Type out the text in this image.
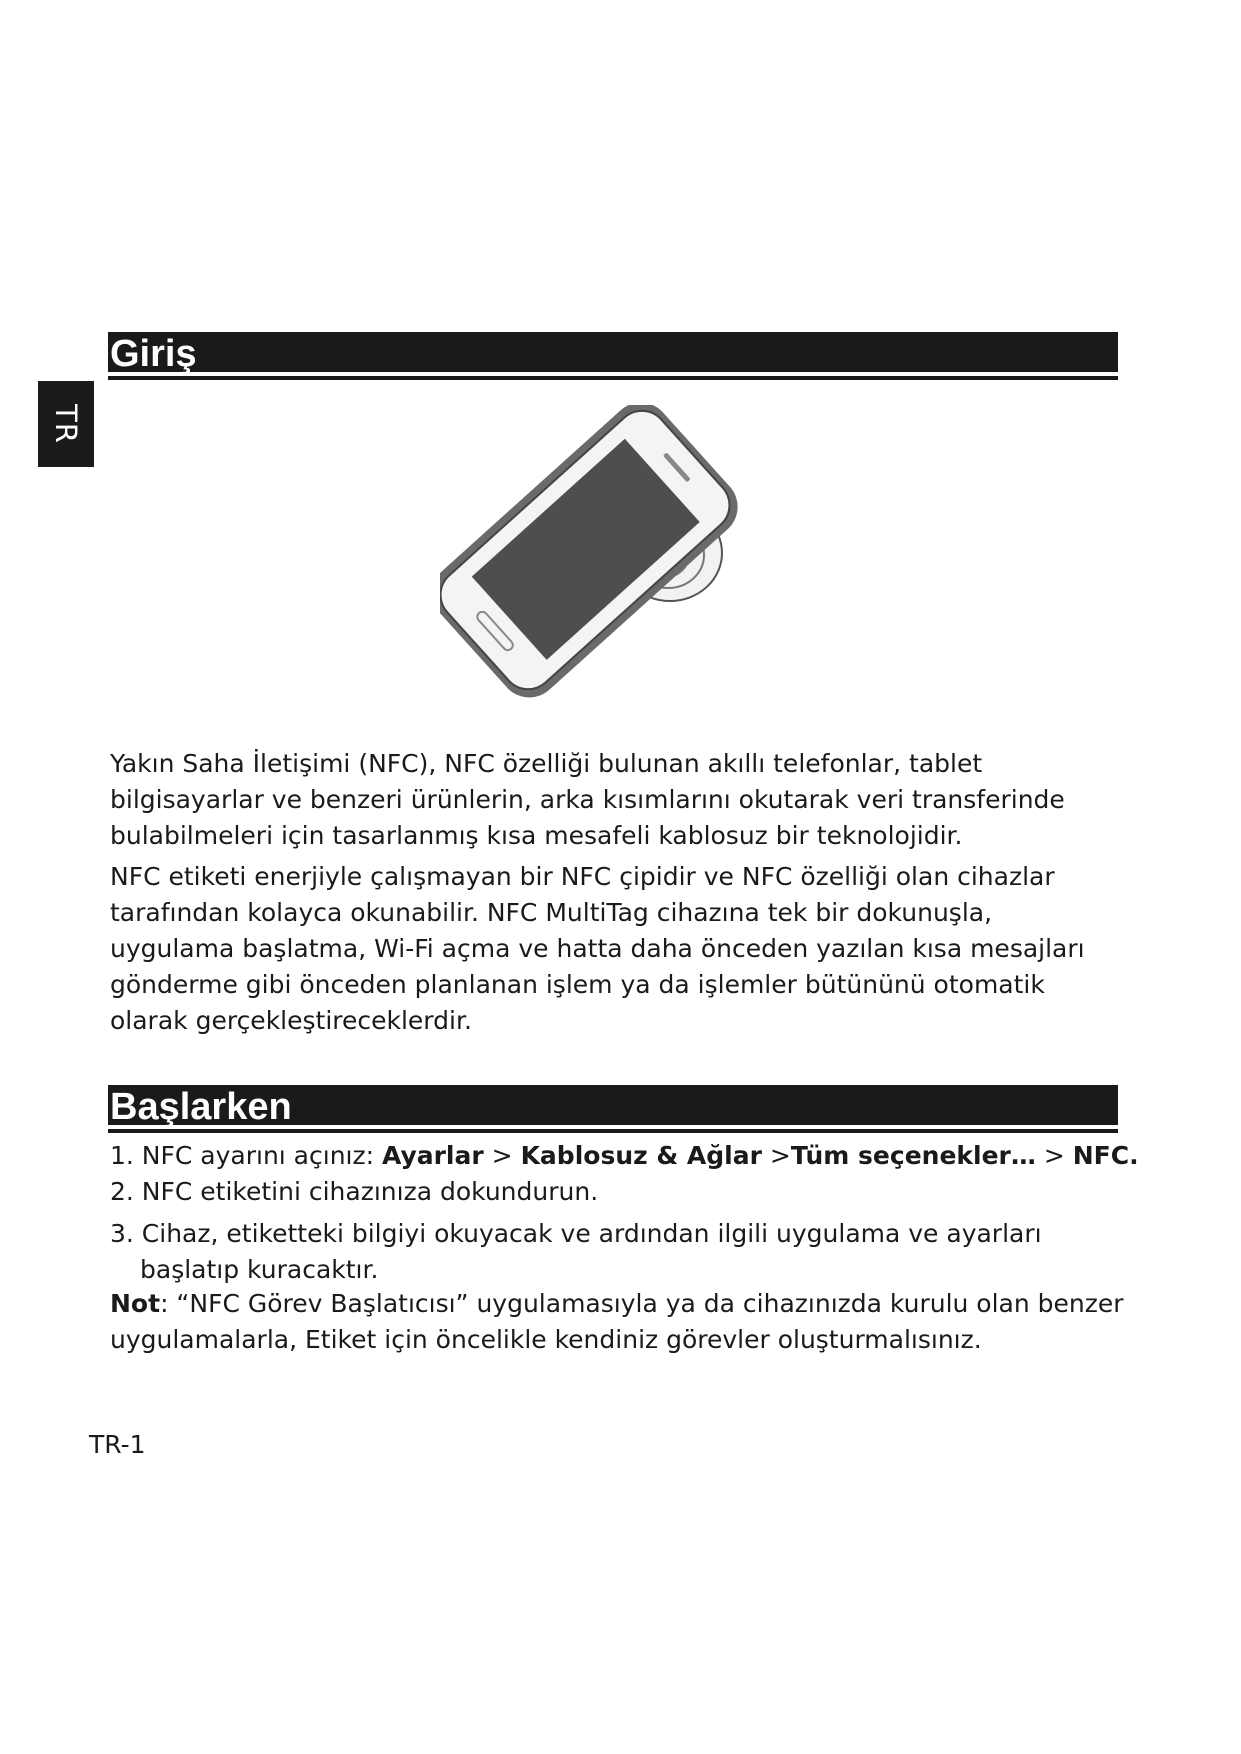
TR
Giriş
Yakın Saha İletişimi (NFC), NFC özelliği bulunan akıllı telefonlar, tablet
bilgisayarlar ve benzeri ürünlerin, arka kısımlarını okutarak veri transferinde
bulabilmeleri için tasarlanmış kısa mesafeli kablosuz bir teknolojidir.
NFC etiketi enerjiyle çalışmayan bir NFC çipidir ve NFC özelliği olan cihazlar
tarafından kolayca okunabilir. NFC MultiTag cihazına tek bir dokunuşla,
uygulama başlatma, Wi-Fi açma ve hatta daha önceden yazılan kısa mesajları
gönderme gibi önceden planlanan işlem ya da işlemler bütününü otomatik
olarak gerçekleştireceklerdir.
Başlarken
1. NFC ayarını açınız: Ayarlar > Kablosuz & Ağlar >Tüm seçenekler… > NFC.
2. NFC etiketini cihazınıza dokundurun.
3. Cihaz, etiketteki bilgiyi okuyacak ve ardından ilgili uygulama ve ayarları
başlatıp kuracaktır.
Not: “NFC Görev Başlatıcısı” uygulamasıyla ya da cihazınızda kurulu olan benzer
uygulamalarla, Etiket için öncelikle kendiniz görevler oluşturmalısınız.
TR-1
